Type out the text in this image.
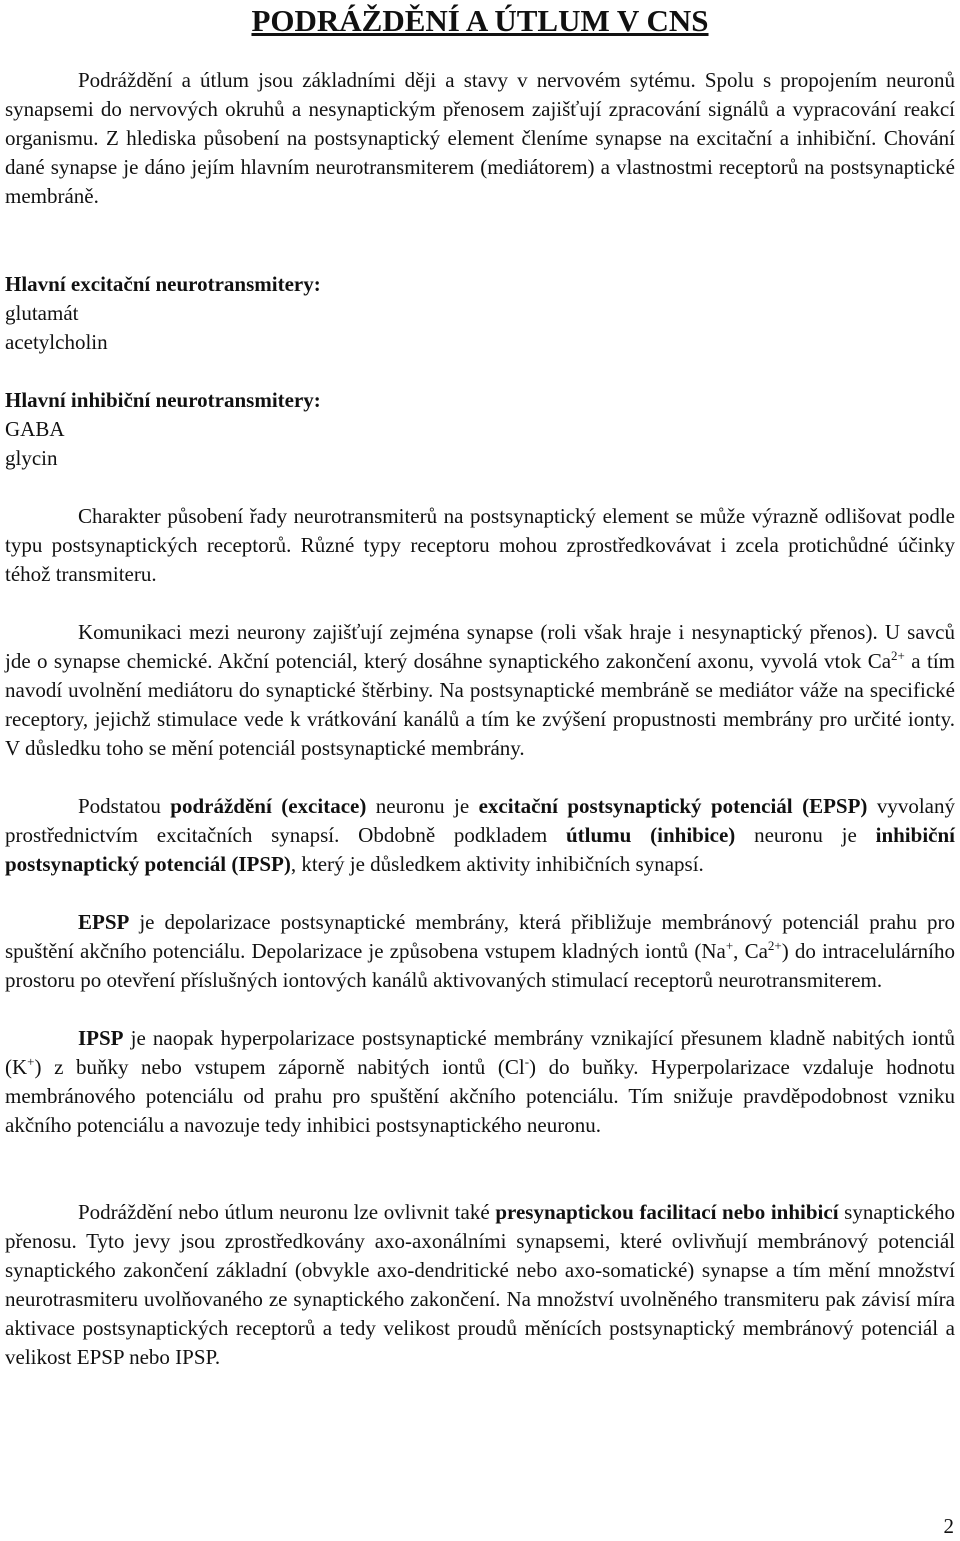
PODRÁŽDĚNÍ A ÚTLUM V CNS

Podráždění a útlum jsou základními ději a stavy v nervovém sytému. Spolu s propojením neuronů synapsemi do nervových okruhů a nesynaptickým přenosem zajišťují zpracování signálů a vypracování reakcí organismu. Z hlediska působení na postsynaptický element členíme synapse na excitační a inhibiční. Chování dané synapse je dáno jejím hlavním neurotransmiterem (mediátorem) a vlastnostmi receptorů na postsynaptické membráně.

Hlavní excitační neurotransmitery:
glutamát
acetylcholin
Hlavní inhibiční neurotransmitery:
GABA
glycin

Charakter působení řady neurotransmiterů na postsynaptický element se může výrazně odlišovat podle typu postsynaptických receptorů. Různé typy receptoru mohou zprostředkovávat i zcela protichůdné účinky téhož transmiteru.

Komunikaci mezi neurony zajišťují zejména synapse (roli však hraje i nesynaptický přenos). U savců jde o synapse chemické. Akční potenciál, který dosáhne synaptického zakončení axonu, vyvolá vtok $Ca^{2+}$ a tím navodí uvolnění mediátoru do synaptické štěrbiny. Na postsynaptické membráně se mediátor váže na specifické receptory, jejichž stimulace vede k vrátkování kanálů a tím ke zvýšení propustnosti membrány pro určité ionty. V důsledku toho se mění potenciál postsynaptické membrány.

Podstatou podráždění (excitace) neuronu je excitační postsynaptický potenciál (EPSP) vyvolaný prostřednictvím excitačních synapsí. Obdobně podkladem útlumu (inhibice) neuronu je inhibiční postsynaptický potenciál (IPSP), který je důsledkem aktivity inhibičních synapsí.

EPSP je depolarizace postsynaptické membrány, která přibližuje membránový potenciál prahu pro spuštění akčního potenciálu. Depolarizace je způsobena vstupem kladných iontů (Na+, $Ca^{2+}$) do intracelulárního prostoru po otevření příslušných iontových kanálů aktivovaných stimulací receptorů neurotransmiterem.

IPSP je naopak hyperpolarizace postsynaptické membrány vznikající přesunem kladně nabitých iontů (K+) z buňky nebo vstupem záporně nabitých iontů (Cl-) do buňky. Hyperpolarizace vzdaluje hodnotu membránového potenciálu od prahu pro spuštění akčního potenciálu. Tím snižuje pravděpodobnost vzniku akčního potenciálu a navozuje tedy inhibici postsynaptického neuronu.

Podráždění nebo útlum neuronu lze ovlivnit také presynaptickou facilitací nebo inhibicí synaptického přenosu. Tyto jevy jsou zprostředkovány axo-axonálními synapsemi, které ovlivňují membránový potenciál synaptického zakončení základní (obvykle axo-dendritické nebo axo-somatické) synapse a tím mění množství neurotrasmiteru uvolňovaného ze synaptického zakončení. Na množství uvolněného transmiteru pak závisí míra aktivace postsynaptických receptorů a tedy velikost proudů měnících postsynaptický membránový potenciál a velikost EPSP nebo IPSP.

2
